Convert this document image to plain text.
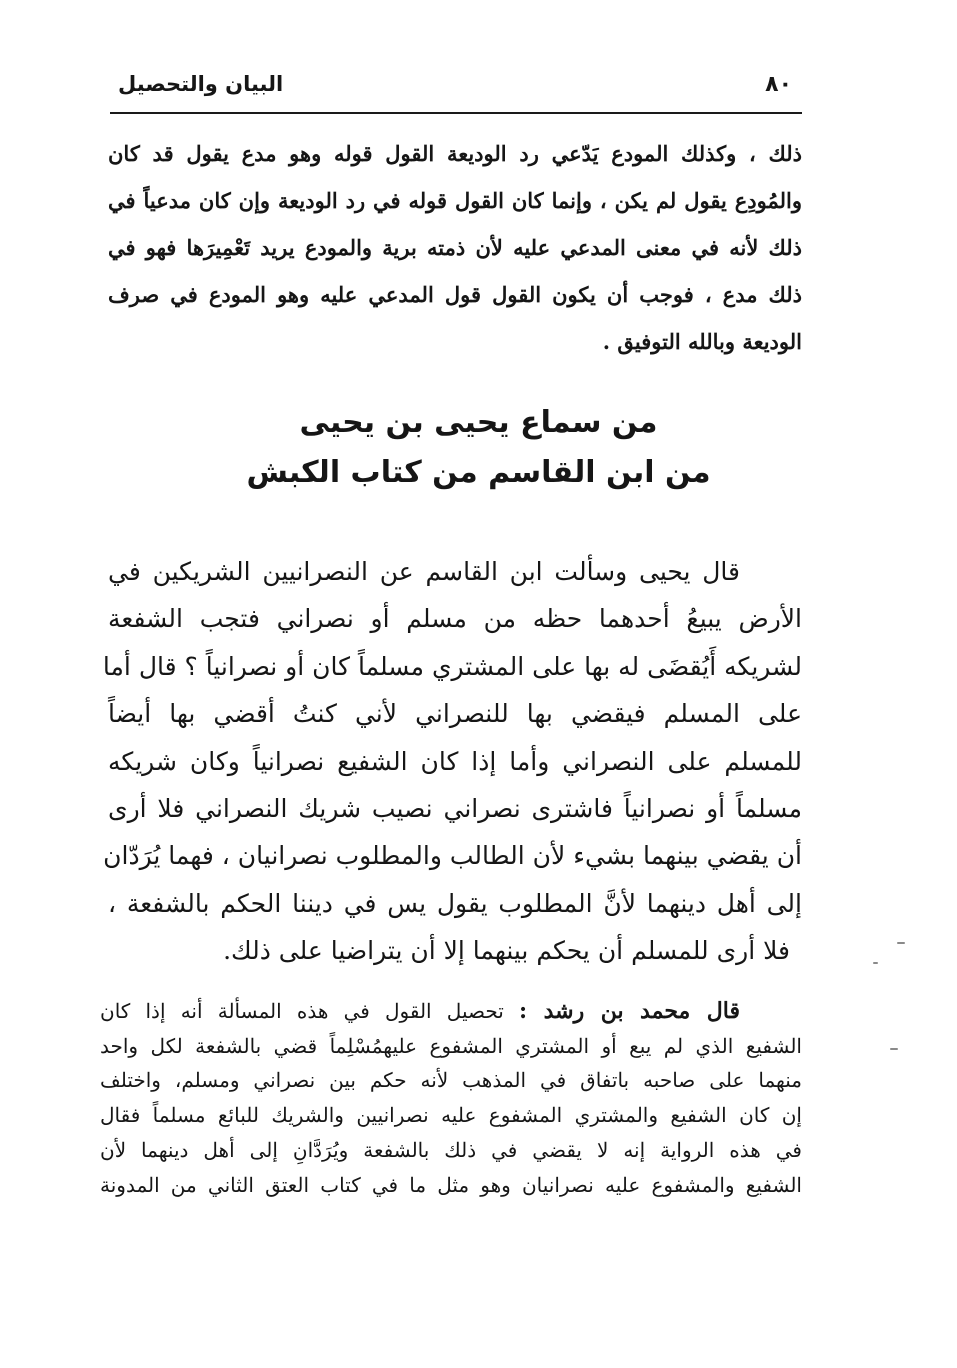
٨٠
البيان والتحصيل
ذلك ، وكذلك المودع يَدّعي رد الوديعة القول قوله وهو مدع يقول قد كان
والمُودِع يقول لم يكن ، وإنما كان القول قوله في رد الوديعة وإن كان مدعياً في
ذلك لأنه في معنى المدعي عليه لأن ذمته برية والمودع يريد تَعْمِيرَها فهو في
ذلك مدع ، فوجب أن يكون القول قول المدعي عليه وهو المودع في صرف
الوديعة وبالله التوفيق .
من سماع يحيى بن يحيى
من ابن القاسم من كتاب الكبش
قال يحيى وسألت ابن القاسم عن النصرانيين الشريكين في
الأرض يبيعُ أحدهما حظه من مسلم أو نصراني فتجب الشفعة
لشريكه أَيُقضَى له بها على المشتري مسلماً كان أو نصرانياً ؟ قال أما
على المسلم فيقضي بها للنصراني لأني كنتُ أقضي بها أيضاً
للمسلم على النصراني وأما إذا كان الشفيع نصرانياً وكان شريكه
مسلماً أو نصرانياً فاشترى نصراني نصيب شريك النصراني فلا أرى
أن يقضي بينهما بشيء لأن الطالب والمطلوب نصرانيان ، فهما يُرَدّان
إلى أهل دينهما لأنَّ المطلوب يقول يس في ديننا الحكم بالشفعة ،
فلا أرى للمسلم أن يحكم بينهما إلا أن يتراضيا على ذلك.
قال محمد بن رشد : تحصيل القول في هذه المسألة أنه إذا كان
الشفيع الذي لم يبع أو المشتري المشفوع عليهمُسْلِماً قضي بالشفعة لكل واحد
منهما على صاحبه باتفاق في المذهب لأنه حكم بين نصراني ومسلم، واختلف
إن كان الشفيع والمشتري المشفوع عليه نصرانيين والشريك للبائع مسلماً فقال
في هذه الرواية إنه لا يقضي في ذلك بالشفعة ويُرَدَّانِ إلى أهل دينهما لأن
الشفيع والمشفوع عليه نصرانيان وهو مثل ما في كتاب العتق الثاني من المدونة
